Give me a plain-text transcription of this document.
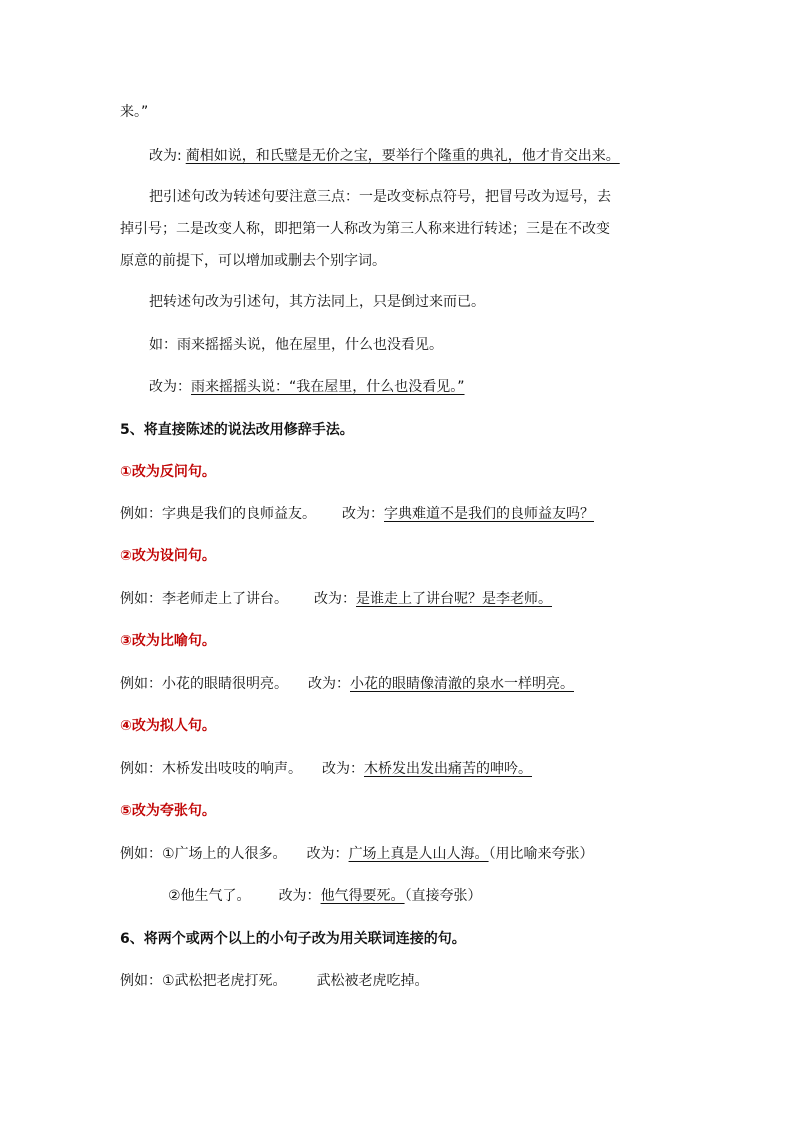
来。”
改为: 蔺相如说，和氏璧是无价之宝，要举行个隆重的典礼，他才肯交出来。
把引述句改为转述句要注意三点：一是改变标点符号，把冒号改为逗号，去
掉引号；二是改变人称，即把第一人称改为第三人称来进行转述；三是在不改变
原意的前提下，可以增加或删去个别字词。
把转述句改为引述句，其方法同上，只是倒过来而已。
如：雨来摇摇头说，他在屋里，什么也没看见。
改为：雨来摇摇头说：“我在屋里，什么也没看见。”
5、将直接陈述的说法改用修辞手法。
①改为反问句。
例如：字典是我们的良师益友。 改为：字典难道不是我们的良师益友吗？
②改为设问句。
例如：李老师走上了讲台。 改为：是谁走上了讲台呢？是李老师。
③改为比喻句。
例如：小花的眼睛很明亮。 改为：小花的眼睛像清澈的泉水一样明亮。
④改为拟人句。
例如：木桥发出吱吱的响声。 改为：木桥发出发出痛苦的呻吟。
⑤改为夸张句。
例如：①广场上的人很多。 改为：广场上真是人山人海。（用比喻来夸张）
②他生气了。 改为：他气得要死。（直接夸张）
6、将两个或两个以上的小句子改为用关联词连接的句。
例如：①武松把老虎打死。 武松被老虎吃掉。
